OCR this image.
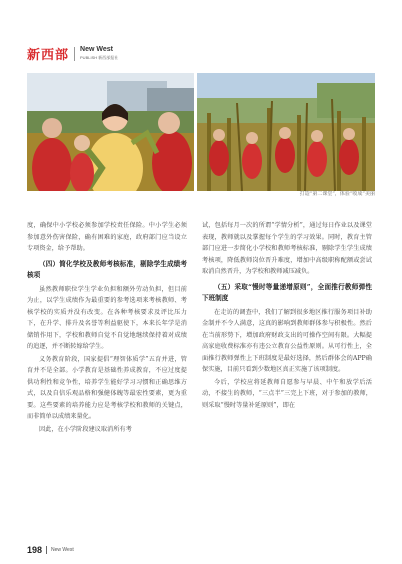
新西部 New West
PUBLISH 新西部报社
打造“第二课堂”，体验“收成”美丽

度，确保中小学校必须参加学校责任保险。中小学生必须参加意外伤害保险，确有困难的家庭，政府部门应当设立专项资金，给予帮助。

（四）简化学校及教师考核标准，剔除学生成绩考核项

虽然教师职位学生学业负担和额外劳动负担，但目前为止，以学生成绩作为最重要的参考选项来考核教师、考核学校的实质并没有改变。在各种考核要求及评比压力下，在升学、排升及名誉等利益驱使下，本来长年学是消储销作用下，学校和教师自觉不自觉地继续保持着对成绩的追逐，并不断转嫁给学生。

义务教育阶段，国家提倡“理智体质学”五育并进，管育并不是全部。小学教育是基础性养成教育，不应过度提供功利性和竞争性，培养学生能好学习习惯和正确思维方式，以及自信乐观品格和强健体魄等最宏性要素，更为重要。这些要素的培养能力应是考核学校和教师的关键点，而非简单以成绩来量化。

因此，在小学阶段建议取消所有考

试，包括每月一次的所谓“学情分析”，通过每日作业以及课堂表现，教师就以及掌握每个学生的学习效果。同时，教育主管部门应进一步简化小学校和教师考核标准，剔除学生学生成绩考核项，降低教师岗位晋升难度，增加中高级职称配额或尝试取消自然晋升，为学校和教师减压减负。

（五）采取“慢时等量递增原则”，全面推行教师弹性下班制度

在走访的调查中，我们了解到很多地区推行服务项目补助金制并不令人满意，这真的影响到教师群体参与积极性。然后在当前形势下，增加政府财政支出的可操作空间有限。大幅提高家庭收费标准亦有违公立教育公益性原则。从可行性上，全面推行教师弹性上下班制度是最好选择，然后群体会的APP确保实施，目前只看到少数地区真正实施了该项制度。

今后，学校应将延教师自愿参与早晨、中午和放学后活动，不接生的教师，“三点半”三完上下班，对于参加的教师，则采取“慢时等量补延原则”，即在

198 New West
